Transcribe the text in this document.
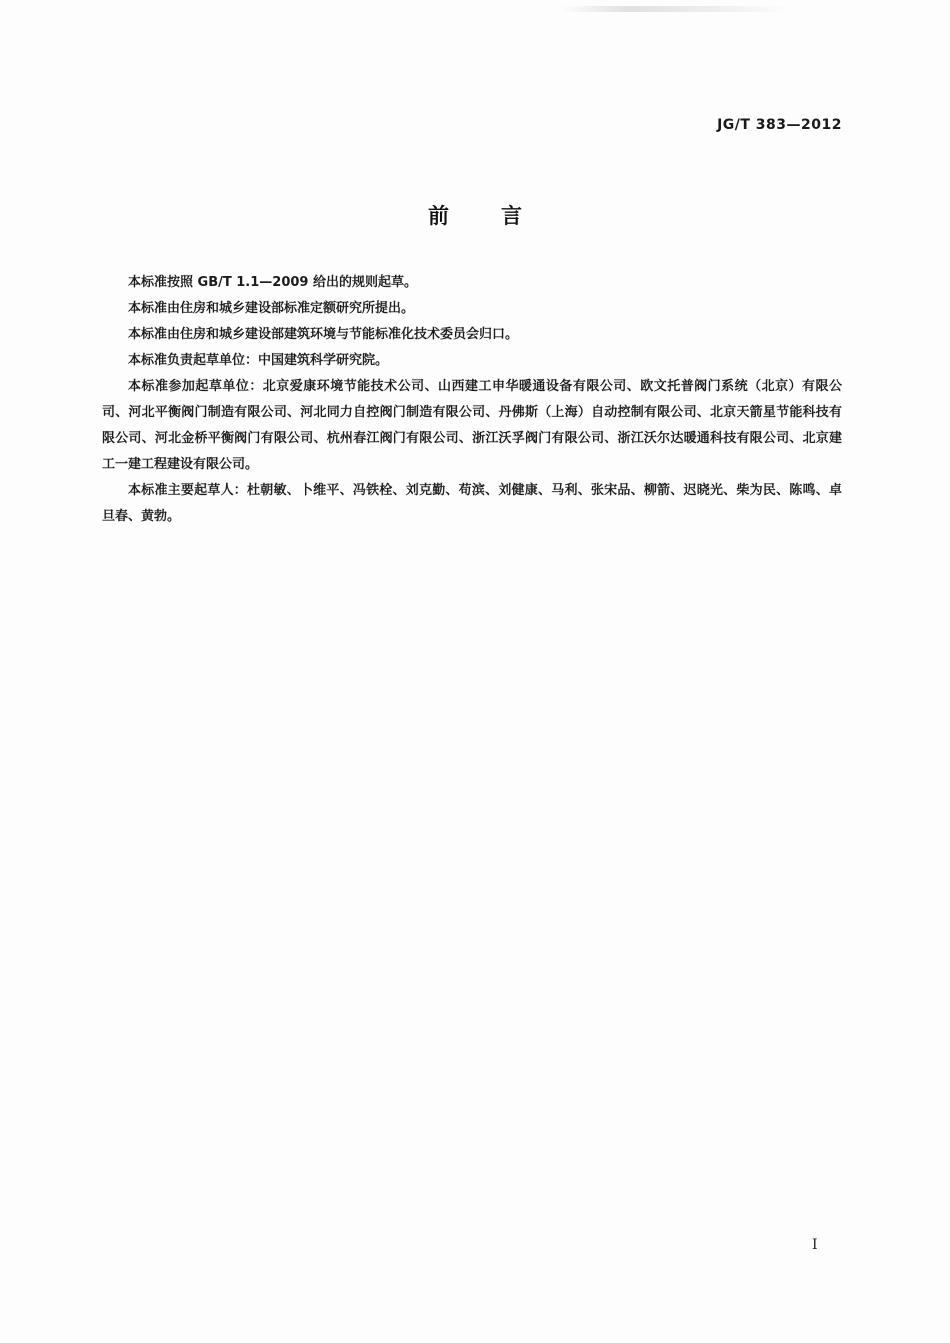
JG/T 383—2012
前 言

本标准按照 GB/T 1.1—2009 给出的规则起草。

本标准由住房和城乡建设部标准定额研究所提出。

本标准由住房和城乡建设部建筑环境与节能标准化技术委员会归口。

本标准负责起草单位：中国建筑科学研究院。

本标准参加起草单位：北京爱康环境节能技术公司、山西建工申华暖通设备有限公司、欧文托普阀门系统（北京）有限公司、河北平衡阀门制造有限公司、河北同力自控阀门制造有限公司、丹佛斯（上海）自动控制有限公司、北京天箭星节能科技有限公司、河北金桥平衡阀门有限公司、杭州春江阀门有限公司、浙江沃孚阀门有限公司、浙江沃尔达暖通科技有限公司、北京建工一建工程建设有限公司。

本标准主要起草人：杜朝敏、卜维平、冯铁栓、刘克勤、苟滨、刘健康、马利、张宋品、柳箭、迟晓光、柴为民、陈鸣、卓旦春、黄勃。

I
